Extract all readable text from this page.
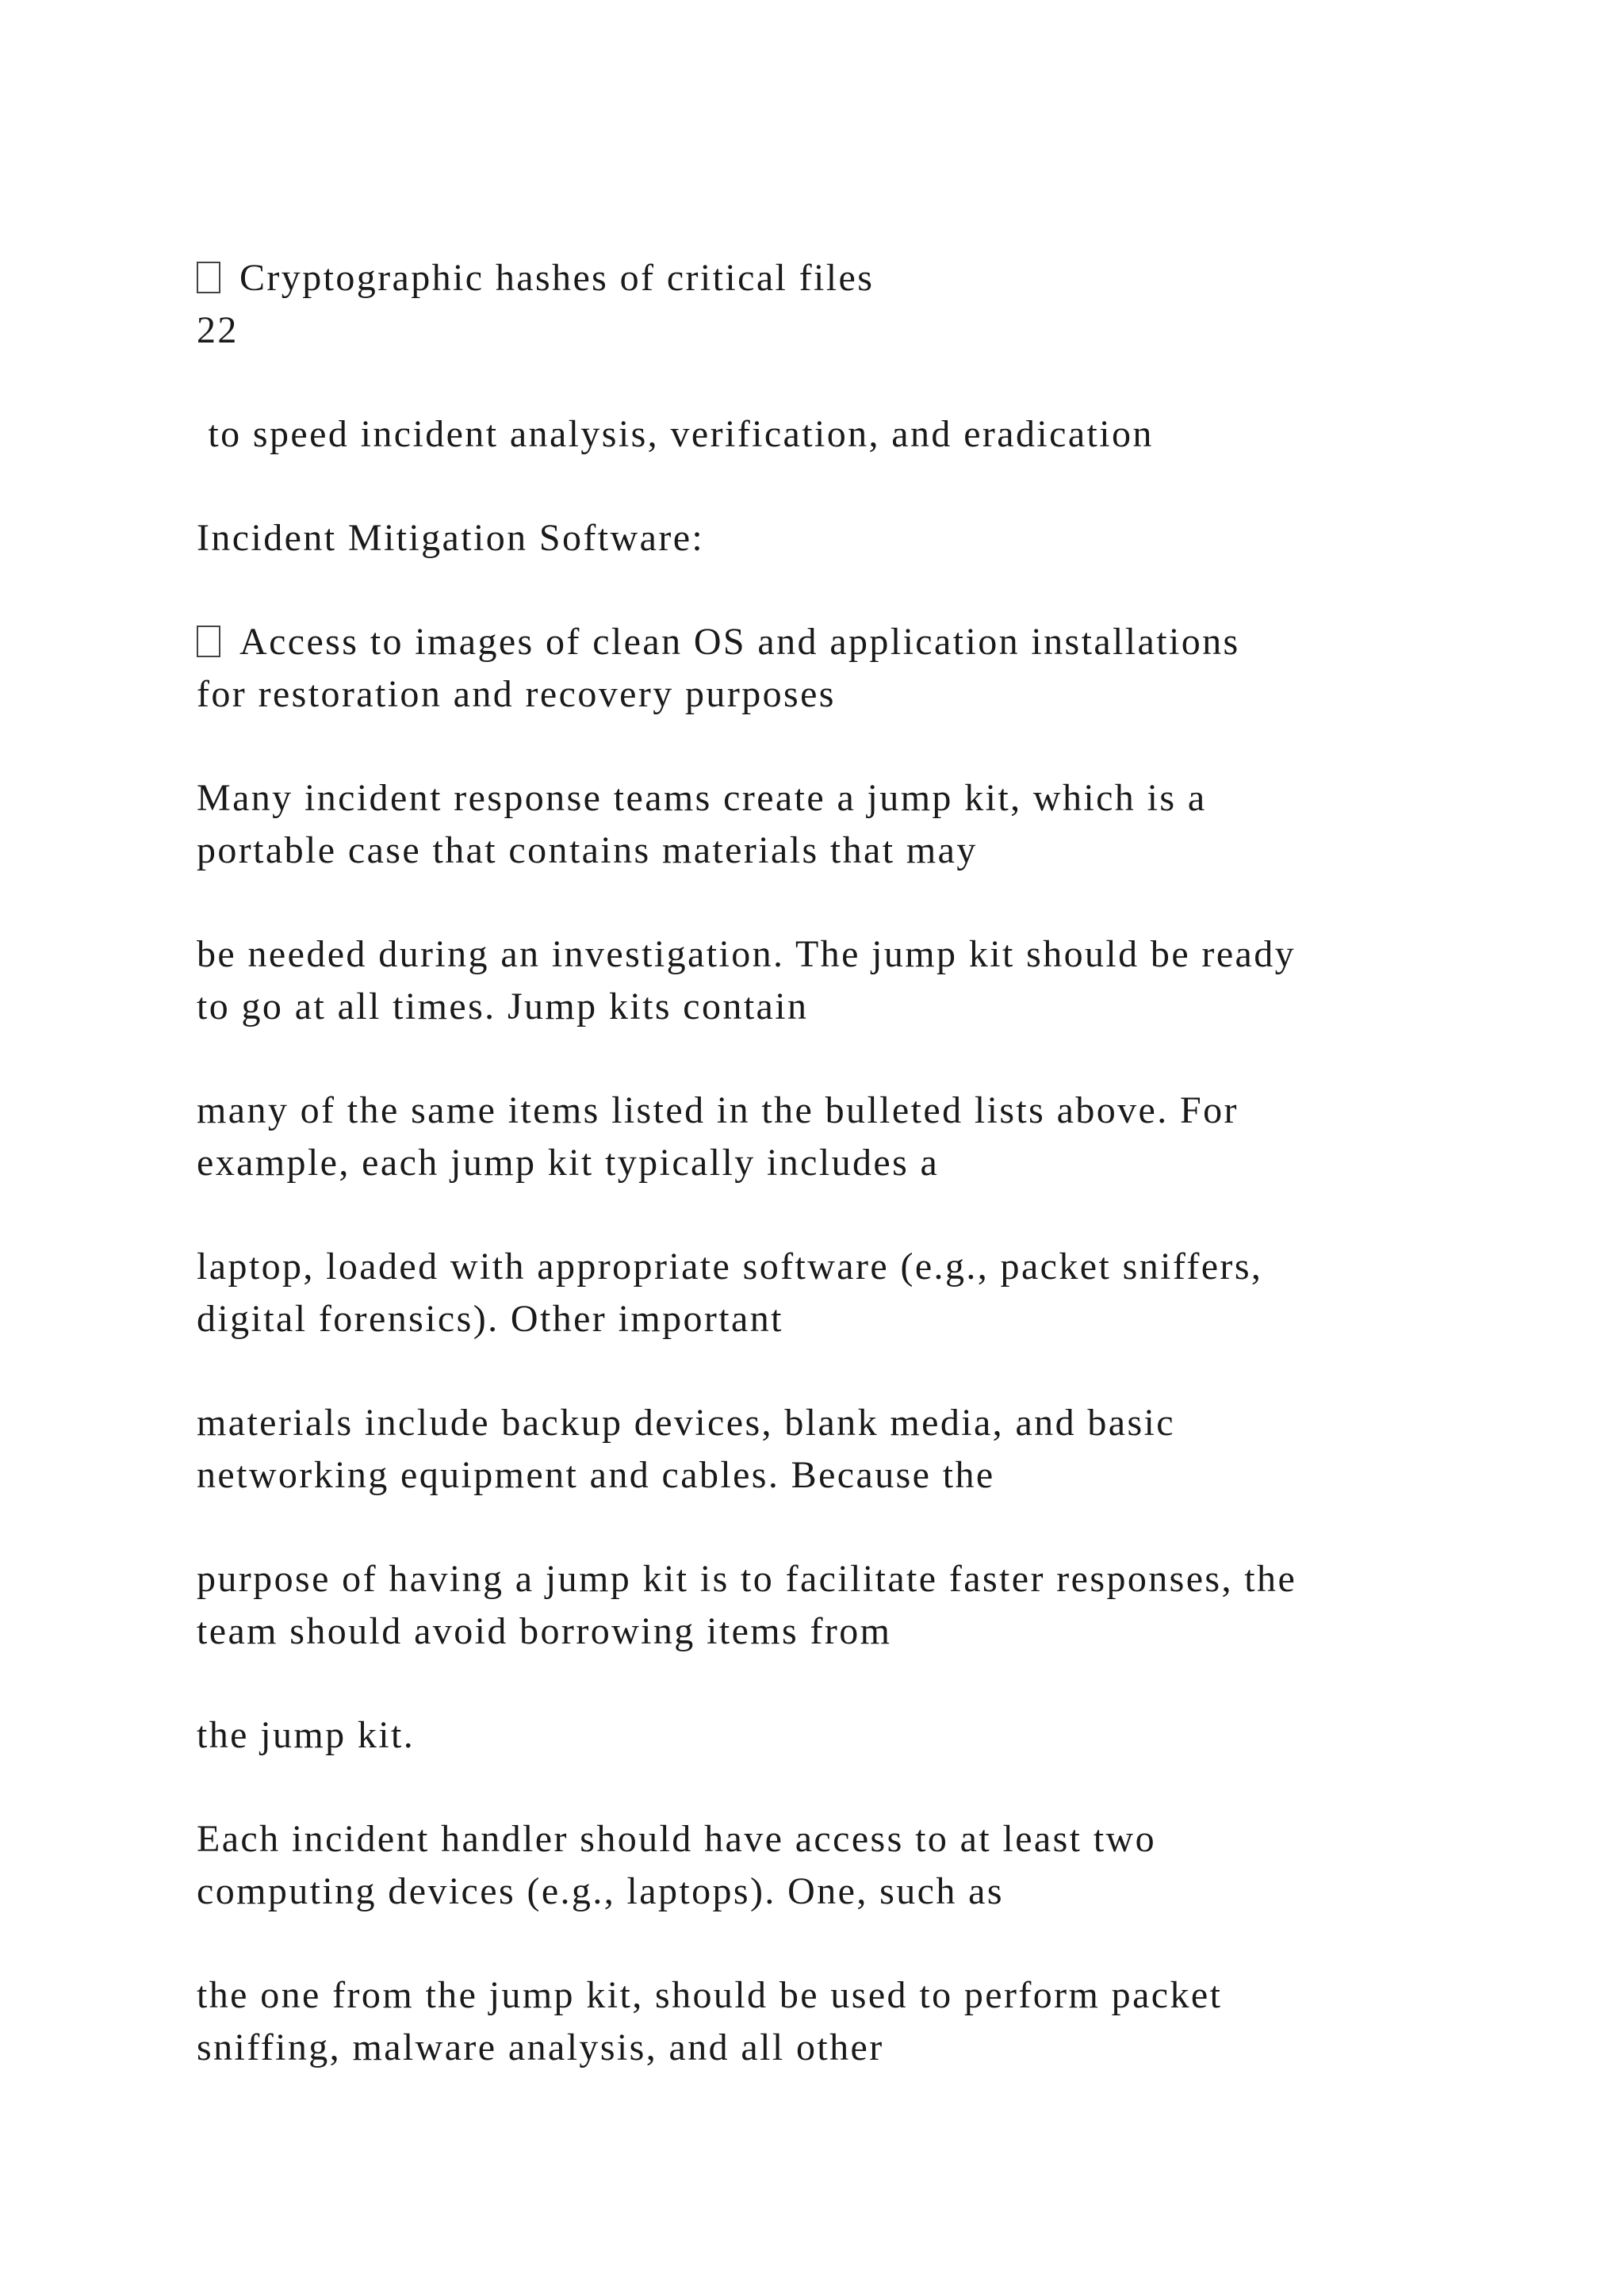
Cryptographic hashes of critical files
22
to speed incident analysis, verification, and eradication
Incident Mitigation Software:
Access to images of clean OS and application installations
for restoration and recovery purposes
Many incident response teams create a jump kit, which is a
portable case that contains materials that may
be needed during an investigation. The jump kit should be ready
to go at all times. Jump kits contain
many of the same items listed in the bulleted lists above. For
example, each jump kit typically includes a
laptop, loaded with appropriate software (e.g., packet sniffers,
digital forensics). Other important
materials include backup devices, blank media, and basic
networking equipment and cables. Because the
purpose of having a jump kit is to facilitate faster responses, the
team should avoid borrowing items from
the jump kit.
Each incident handler should have access to at least two
computing devices (e.g., laptops). One, such as
the one from the jump kit, should be used to perform packet
sniffing, malware analysis, and all other
